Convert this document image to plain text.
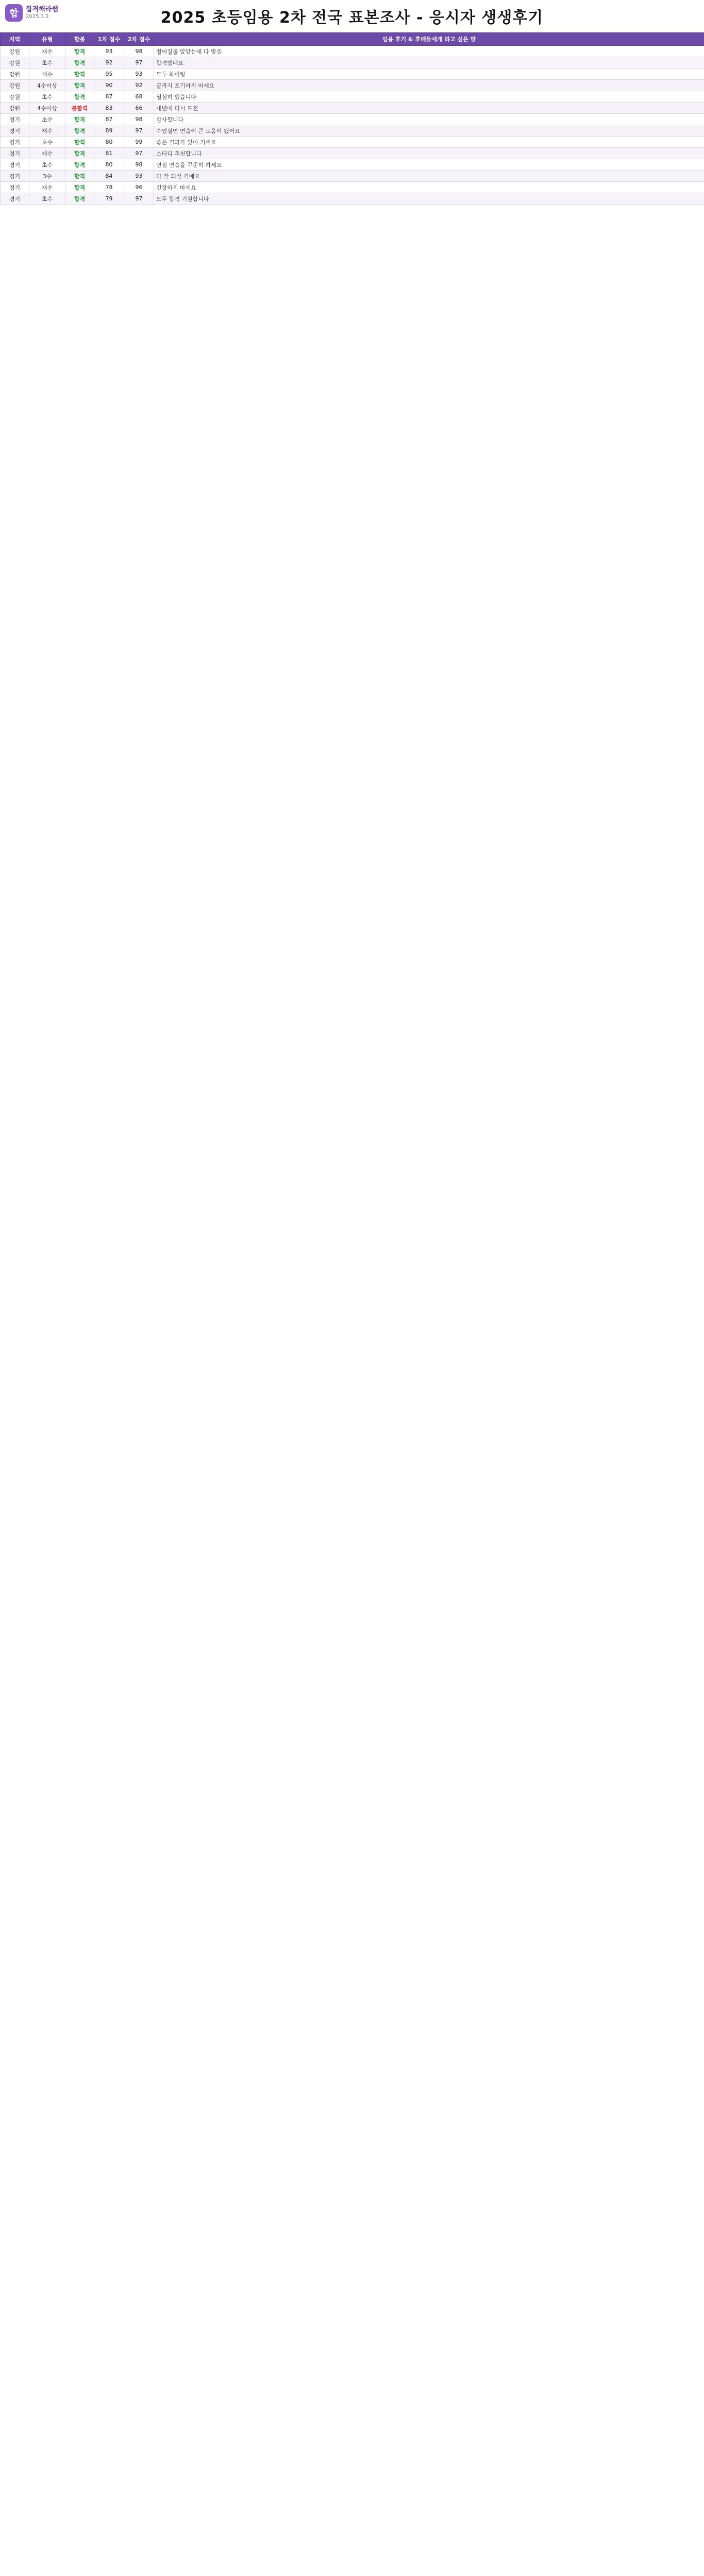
합	합격해라쌤
2025.3.3	2025 초등임용 2차 전국 표본조사 - 응시자 생생후기
지역	유형	합불	1차 점수	2차 점수	임용 후기 & 후배들에게 하고 싶은 말
강원	재수	합격	93	98	떨어질줄 알았는데 다 맞음
강원	초수	합격	92	97	합격했네요
강원	재수	합격	95	93	모두 화이팅
강원	4수이상	합격	90	92	끝까지 포기하지 마세요
강원	초수	합격	87	68	열심히 했습니다
강원	4수이상	불합격	83	66	내년에 다시 도전
경기	초수	합격	87	98	감사합니다
경기	재수	합격	89	97	수업실연 연습이 큰 도움이 됐어요
경기	초수	합격	80	99	좋은 결과가 있어 기뻐요
경기	재수	합격	81	97	스터디 추천합니다
경기	초수	합격	80	98	면접 연습을 꾸준히 하세요
경기	3수	합격	84	93	다 잘 되실 거예요
경기	재수	합격	78	96	긴장하지 마세요
경기	초수	합격	79	97	모두 합격 기원합니다
